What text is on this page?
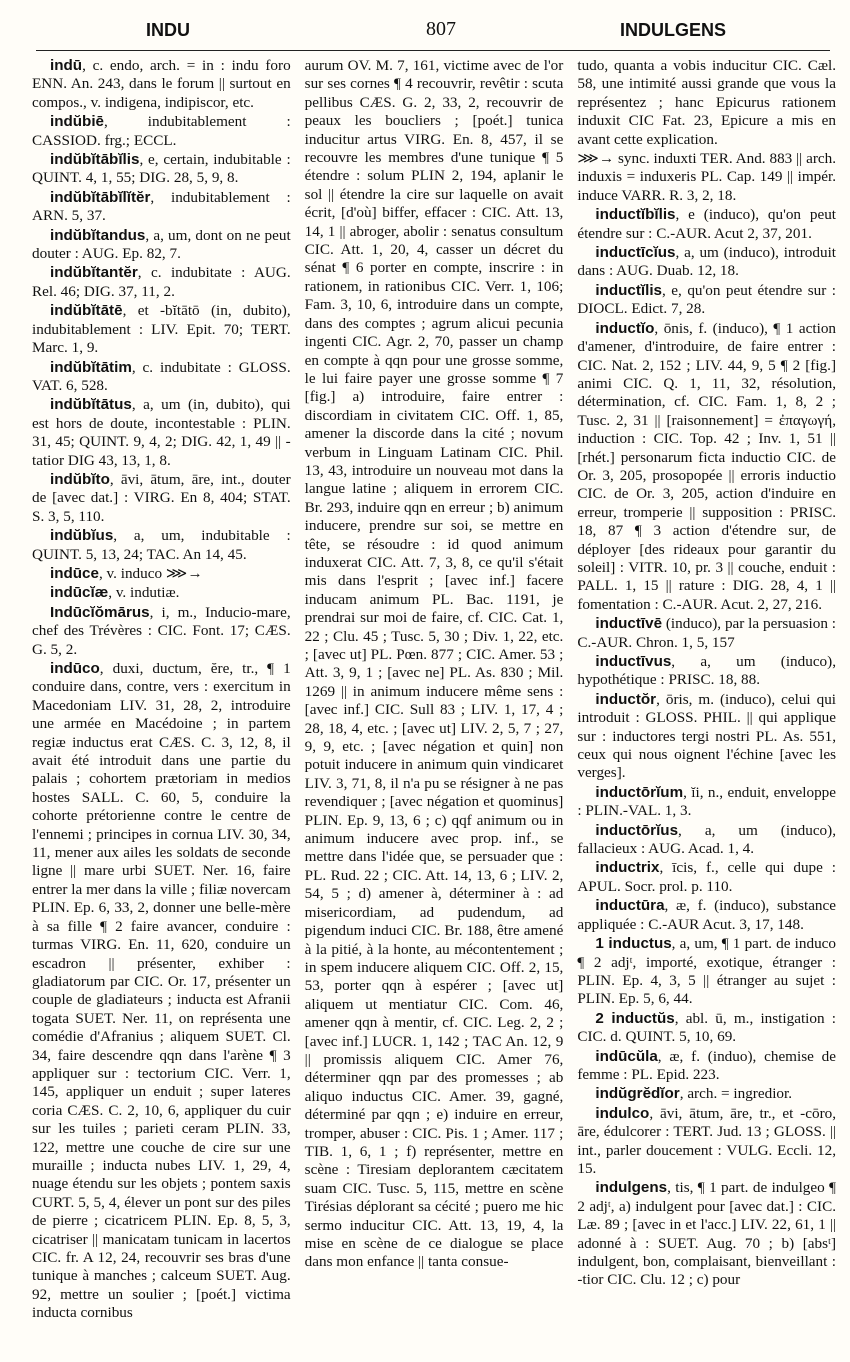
INDU	807	INDULGENS

indū, c. endo, arch. = in : indu foro ENN. An. 243, dans le forum || surtout en compos., v. indigena, indipiscor, etc.

indŭbiē, indubitablement : CASSIOD. frg.; ECCL.

indŭbĭtābĭlis, e, certain, indubitable : QUINT. 4, 1, 55; DIG. 28, 5, 9, 8.

indŭbĭtābĭlĭtĕr, indubitablement : ARN. 5, 37.

indŭbĭtandus, a, um, dont on ne peut douter : AUG. Ep. 82, 7.

indŭbĭtantĕr, c. indubitate : AUG. Rel. 46; DIG. 37, 11, 2.

indŭbĭtātē, et -bĭtātō (in, dubito), indubitablement : LIV. Epit. 70; TERT. Marc. 1, 9.

indŭbĭtātim, c. indubitate : GLOSS. VAT. 6, 528.

indŭbĭtātus, a, um (in, dubito), qui est hors de doute, incontestable : PLIN. 31, 45; QUINT. 9, 4, 2; DIG. 42, 1, 49 || -tatior DIG 43, 13, 1, 8.

indŭbĭto, āvi, ātum, āre, int., douter de [avec dat.] : VIRG. En 8, 404; STAT. S. 3, 5, 110.

indŭbĭus, a, um, indubitable : QUINT. 5, 13, 24; TAC. An 14, 45.

indūce, v. induco ⋙→

indūcĭæ, v. indutiæ.

Indūcĭŏmārus, i, m., Inducio-mare, chef des Trévères : CIC. Font. 17; CÆS. G. 5, 2.

indūco, duxi, ductum, ĕre, tr., ¶ 1 conduire dans, contre, vers : exercitum in Macedoniam LIV. 31, 28, 2, introduire une armée en Macédoine ; in partem regiæ inductus erat CÆS. C. 3, 12, 8, il avait été introduit dans une partie du palais ; cohortem prætoriam in medios hostes SALL. C. 60, 5, conduire la cohorte prétorienne contre le centre de l'ennemi ; principes in cornua LIV. 30, 34, 11, mener aux ailes les soldats de seconde ligne || mare urbi SUET. Ner. 16, faire entrer la mer dans la ville ; filiæ novercam PLIN. Ep. 6, 33, 2, donner une belle-mère à sa fille ¶ 2 faire avancer, conduire : turmas VIRG. En. 11, 620, conduire un escadron || présenter, exhiber : gladiatorum par CIC. Or. 17, présenter un couple de gladiateurs ; inducta est Afranii togata SUET. Ner. 11, on représenta une comédie d'Afranius ; aliquem SUET. Cl. 34, faire descendre qqn dans l'arène ¶ 3 appliquer sur : tectorium CIC. Verr. 1, 145, appliquer un enduit ; super lateres coria CÆS. C. 2, 10, 6, appliquer du cuir sur les tuiles ; parieti ceram PLIN. 33, 122, mettre une couche de cire sur une muraille ; inducta nubes LIV. 1, 29, 4, nuage étendu sur les objets ; pontem saxis CURT. 5, 5, 4, élever un pont sur des piles de pierre ; cicatricem PLIN. Ep. 8, 5, 3, cicatriser || manicatam tunicam in lacertos CIC. fr. A 12, 24, recouvrir ses bras d'une tunique à manches ; calceum SUET. Aug. 92, mettre un soulier ; [poét.] victima inducta cornibus

aurum OV. M. 7, 161, victime avec de l'or sur ses cornes ¶ 4 recouvrir, revêtir : scuta pellibus CÆS. G. 2, 33, 2, recouvrir de peaux les boucliers ; [poét.] tunica inducitur artus VIRG. En. 8, 457, il se recouvre les membres d'une tunique ¶ 5 étendre : solum PLIN 2, 194, aplanir le sol || étendre la cire sur laquelle on avait écrit, [d'où] biffer, effacer : CIC. Att. 13, 14, 1 || abroger, abolir : senatus consultum CIC. Att. 1, 20, 4, casser un décret du sénat ¶ 6 porter en compte, inscrire : in rationem, in rationibus CIC. Verr. 1, 106; Fam. 3, 10, 6, introduire dans un compte, dans des comptes ; agrum alicui pecunia ingenti CIC. Agr. 2, 70, passer un champ en compte à qqn pour une grosse somme, le lui faire payer une grosse somme ¶ 7 [fig.] a) introduire, faire entrer : discordiam in civitatem CIC. Off. 1, 85, amener la discorde dans la cité ; novum verbum in Linguam Latinam CIC. Phil. 13, 43, introduire un nouveau mot dans la langue latine ; aliquem in errorem CIC. Br. 293, induire qqn en erreur ; b) animum inducere, prendre sur soi, se mettre en tête, se résoudre : id quod animum induxerat CIC. Att. 7, 3, 8, ce qu'il s'était mis dans l'esprit ; [avec inf.] facere inducam animum PL. Bac. 1191, je prendrai sur moi de faire, cf. CIC. Cat. 1, 22 ; Clu. 45 ; Tusc. 5, 30 ; Div. 1, 22, etc. ; [avec ut] PL. Pœn. 877 ; CIC. Amer. 53 ; Att. 3, 9, 1 ; [avec ne] PL. As. 830 ; Mil. 1269 || in animum inducere même sens : [avec inf.] CIC. Sull 83 ; LIV. 1, 17, 4 ; 28, 18, 4, etc. ; [avec ut] LIV. 2, 5, 7 ; 27, 9, 9, etc. ; [avec négation et quin] non potuit inducere in animum quin vindicaret LIV. 3, 71, 8, il n'a pu se résigner à ne pas revendiquer ; [avec négation et quominus] PLIN. Ep. 9, 13, 6 ; c) qqf animum ou in animum inducere avec prop. inf., se mettre dans l'idée que, se persuader que : PL. Rud. 22 ; CIC. Att. 14, 13, 6 ; LIV. 2, 54, 5 ; d) amener à, déterminer à : ad misericordiam, ad pudendum, ad pigendum induci CIC. Br. 188, être amené à la pitié, à la honte, au mécontentement ; in spem inducere aliquem CIC. Off. 2, 15, 53, porter qqn à espérer ; [avec ut] aliquem ut mentiatur CIC. Com. 46, amener qqn à mentir, cf. CIC. Leg. 2, 2 ; [avec inf.] LUCR. 1, 142 ; TAC An. 12, 9 || promissis aliquem CIC. Amer 76, déterminer qqn par des promesses ; ab aliquo inductus CIC. Amer. 39, gagné, déterminé par qqn ; e) induire en erreur, tromper, abuser : CIC. Pis. 1 ; Amer. 117 ; TIB. 1, 6, 1 ; f) représenter, mettre en scène : Tiresiam deplorantem cæcitatem suam CIC. Tusc. 5, 115, mettre en scène Tirésias déplorant sa cécité ; puero me hic sermo inducitur CIC. Att. 13, 19, 4, la mise en scène de ce dialogue se place dans mon enfance || tanta consue-

tudo, quanta a vobis inducitur CIC. Cæl. 58, une intimité aussi grande que vous la représentez ; hanc Epicurus rationem induxit CIC Fat. 23, Epicure a mis en avant cette explication.

⋙→ sync. induxti TER. And. 883 || arch. induxis = induxeris PL. Cap. 149 || impér. induce VARR. R. 3, 2, 18.

inductĭbĭlis, e (induco), qu'on peut étendre sur : C.-AUR. Acut 2, 37, 201.

inductīcĭus, a, um (induco), introduit dans : AUG. Duab. 12, 18.

inductĭlis, e, qu'on peut étendre sur : DIOCL. Edict. 7, 28.

inductĭo, ōnis, f. (induco), ¶ 1 action d'amener, d'introduire, de faire entrer : CIC. Nat. 2, 152 ; LIV. 44, 9, 5 ¶ 2 [fig.] animi CIC. Q. 1, 11, 32, résolution, détermination, cf. CIC. Fam. 1, 8, 2 ; Tusc. 2, 31 || [raisonnement] = ἐπαγωγή, induction : CIC. Top. 42 ; Inv. 1, 51 || [rhét.] personarum ficta inductio CIC. de Or. 3, 205, prosopopée || erroris inductio CIC. de Or. 3, 205, action d'induire en erreur, tromperie || supposition : PRISC. 18, 87 ¶ 3 action d'étendre sur, de déployer [des rideaux pour garantir du soleil] : VITR. 10, pr. 3 || couche, enduit : PALL. 1, 15 || rature : DIG. 28, 4, 1 || fomentation : C.-AUR. Acut. 2, 27, 216.

inductīvē (induco), par la persuasion : C.-AUR. Chron. 1, 5, 157

inductīvus, a, um (induco), hypothétique : PRISC. 18, 88.

inductŏr, ōris, m. (induco), celui qui introduit : GLOSS. PHIL. || qui applique sur : inductores tergi nostri PL. As. 551, ceux qui nous oignent l'échine [avec les verges].

inductōrĭum, ĭi, n., enduit, enveloppe : PLIN.-VAL. 1, 3.

inductōrĭus, a, um (induco), fallacieux : AUG. Acad. 1, 4.

inductrix, īcis, f., celle qui dupe : APUL. Socr. prol. p. 110.

inductūra, æ, f. (induco), substance appliquée : C.-AUR Acut. 3, 17, 148.

1 inductus, a, um, ¶ 1 part. de induco ¶ 2 adjᵗ, importé, exotique, étranger : PLIN. Ep. 4, 3, 5 || étranger au sujet : PLIN. Ep. 5, 6, 44.

2 inductŭs, abl. ū, m., instigation : CIC. d. QUINT. 5, 10, 69.

indūcŭla, æ, f. (induo), chemise de femme : PL. Epid. 223.

indŭgrĕdĭor, arch. = ingredior.

indulco, āvi, ātum, āre, tr., et -cōro, āre, édulcorer : TERT. Jud. 13 ; GLOSS. || int., parler doucement : VULG. Eccli. 12, 15.

indulgens, tis, ¶ 1 part. de indulgeo ¶ 2 adjᵗ, a) indulgent pour [avec dat.] : CIC. Læ. 89 ; [avec in et l'acc.] LIV. 22, 61, 1 || adonné à : SUET. Aug. 70 ; b) [absᵗ] indulgent, bon, complaisant, bienveillant : -tior CIC. Clu. 12 ; c) pour
